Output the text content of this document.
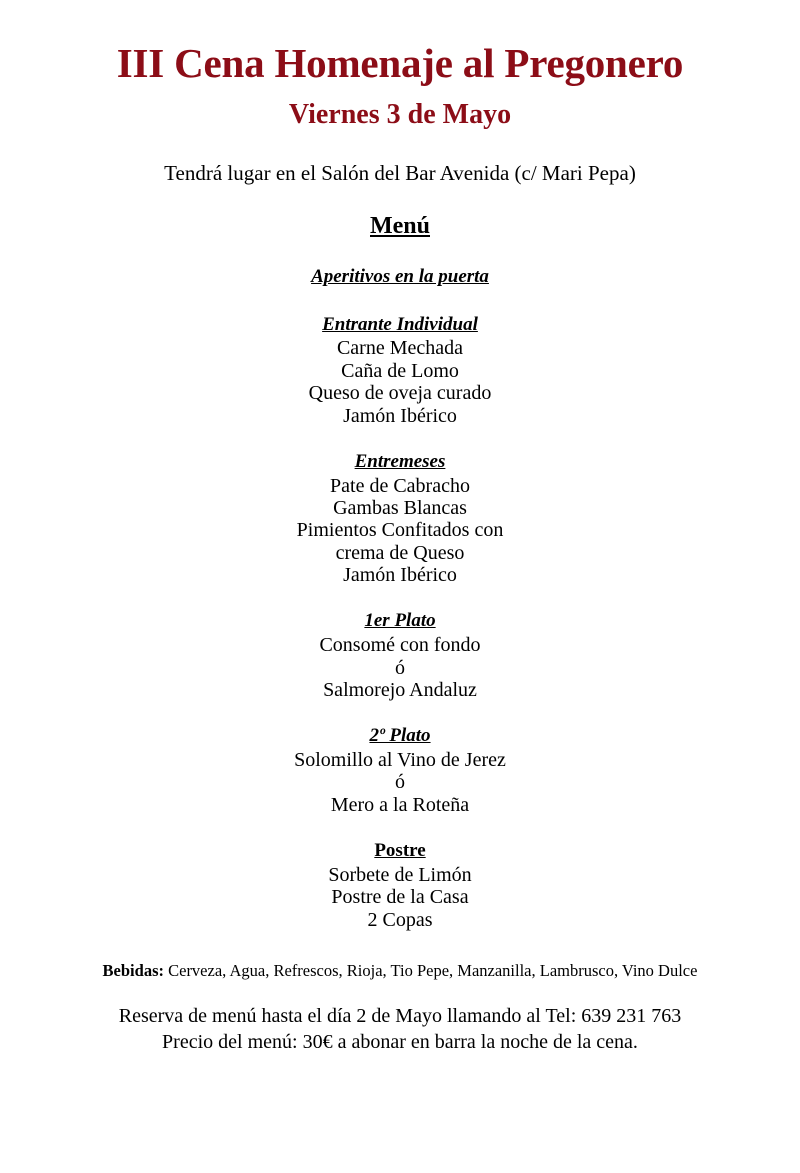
III Cena Homenaje al Pregonero
Viernes 3 de Mayo
Tendrá lugar en el Salón del Bar Avenida (c/ Mari Pepa)
Menú
Aperitivos en la puerta
Entrante Individual
Carne Mechada
Caña de Lomo
Queso de oveja curado
Jamón Ibérico
Entremeses
Pate de Cabracho
Gambas Blancas
Pimientos Confitados con
crema de Queso
Jamón Ibérico
1er Plato
Consomé con fondo
ó
Salmorejo Andaluz
2º Plato
Solomillo al Vino de Jerez
ó
Mero a la Roteña
Postre
Sorbete de Limón
Postre de la Casa
2 Copas
Bebidas: Cerveza, Agua, Refrescos, Rioja, Tio Pepe, Manzanilla, Lambrusco, Vino Dulce
Reserva de menú hasta el día 2 de Mayo llamando al Tel: 639 231 763
Precio del menú: 30€ a abonar en barra la noche de la cena.
